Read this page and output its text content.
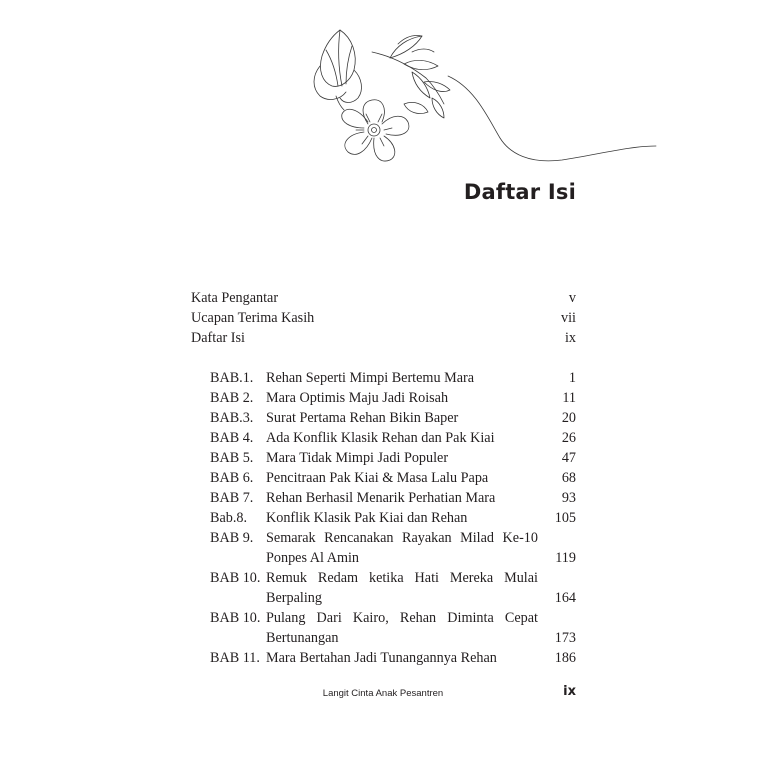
Daftar Isi
Kata Pengantar	v
Ucapan Terima Kasih	vii
Daftar Isi	ix
BAB.1. Rehan Seperti Mimpi Bertemu Mara	1
BAB 2. Mara Optimis Maju Jadi Roisah	11
BAB.3. Surat Pertama Rehan Bikin Baper	20
BAB 4. Ada Konflik Klasik Rehan dan Pak Kiai	26
BAB 5. Mara Tidak Mimpi Jadi Populer	47
BAB 6. Pencitraan Pak Kiai & Masa Lalu Papa	68
BAB 7. Rehan Berhasil Menarik Perhatian Mara	93
Bab.8. Konflik Klasik Pak Kiai dan Rehan	105
BAB 9. Semarak Rencanakan Rayakan Milad Ke-10
Ponpes Al Amin	119
BAB 10. Remuk Redam ketika Hati Mereka Mulai
Berpaling	164
BAB 10. Pulang Dari Kairo, Rehan Diminta Cepat
Bertunangan	173
BAB 11. Mara Bertahan Jadi Tunangannya Rehan	186
Langit Cinta Anak Pesantren	ix
